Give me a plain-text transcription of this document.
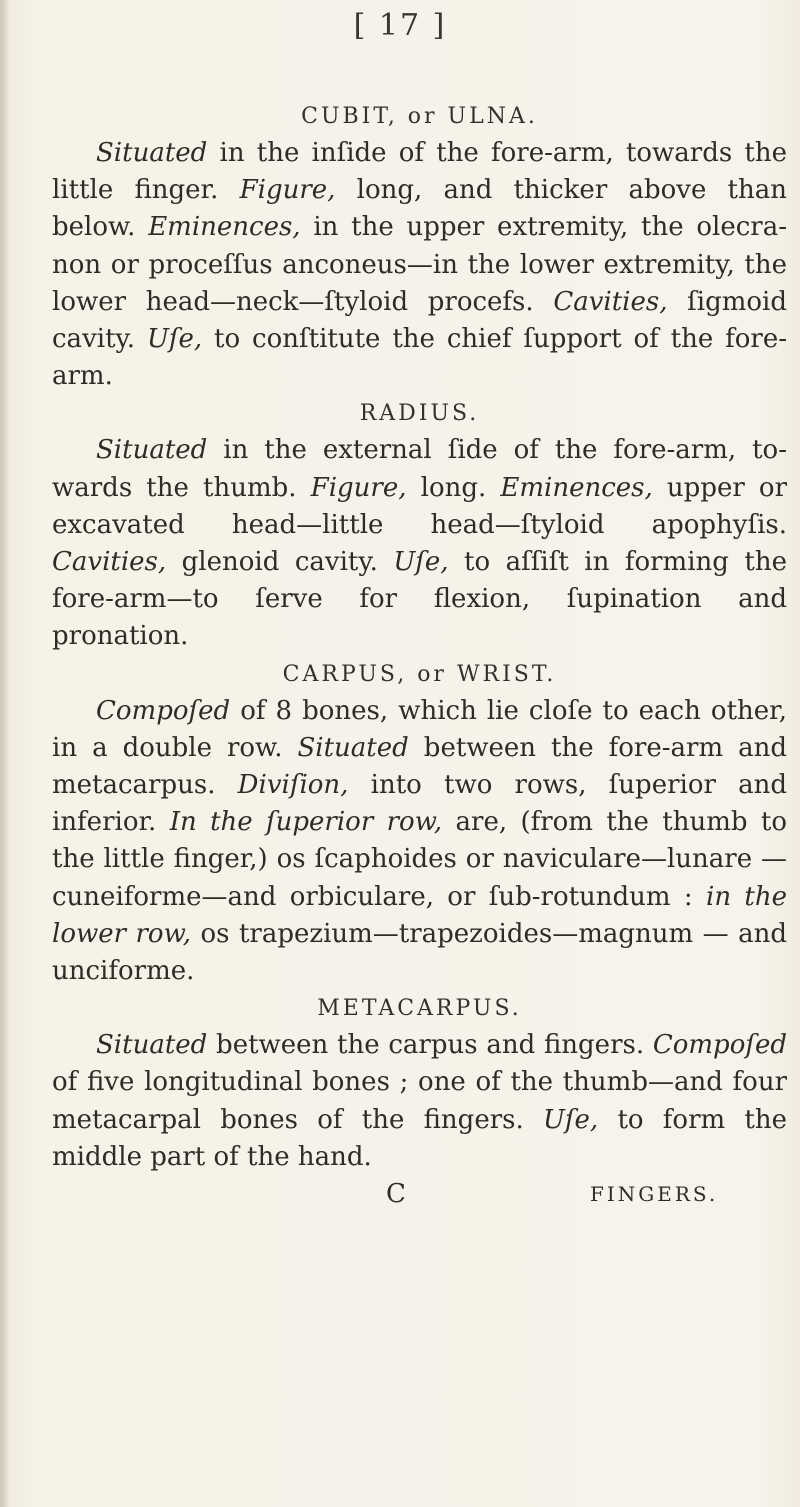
[ 17 ]
CUBIT, or ULNA.

Situated in the inſide of the fore-arm, towards the little finger. Figure, long, and thicker above than below. Eminences, in the upper extremity, the olecra-non or proceſſus anconeus—in the lower extremity, the lower head—neck—ſtyloid procefs. Cavities, ſigmoid cavity. Uſe, to conſtitute the chief ſupport of the fore-arm.

RADIUS.

Situated in the external ſide of the fore-arm, to-wards the thumb. Figure, long. Eminences, upper or excavated head—little head—ſtyloid apophyſis. Cavities, glenoid cavity. Uſe, to aſſiſt in forming the fore-arm—to ſerve for flexion, ſupination and pronation.

CARPUS, or WRIST.

Compoſed of 8 bones, which lie cloſe to each other, in a double row. Situated between the fore-arm and metacarpus. Diviſion, into two rows, ſuperior and inferior. In the ſuperior row, are, (from the thumb to the little finger,) os ſcaphoides or naviculare—lunare —cuneiforme—and orbiculare, or ſub-rotundum : in the lower row, os trapezium—trapezoides—magnum — and unciforme.

METACARPUS.

Situated between the carpus and fingers. Compoſed of five longitudinal bones ; one of the thumb—and four metacarpal bones of the fingers. Uſe, to form the middle part of the hand.

C	FINGERS.
